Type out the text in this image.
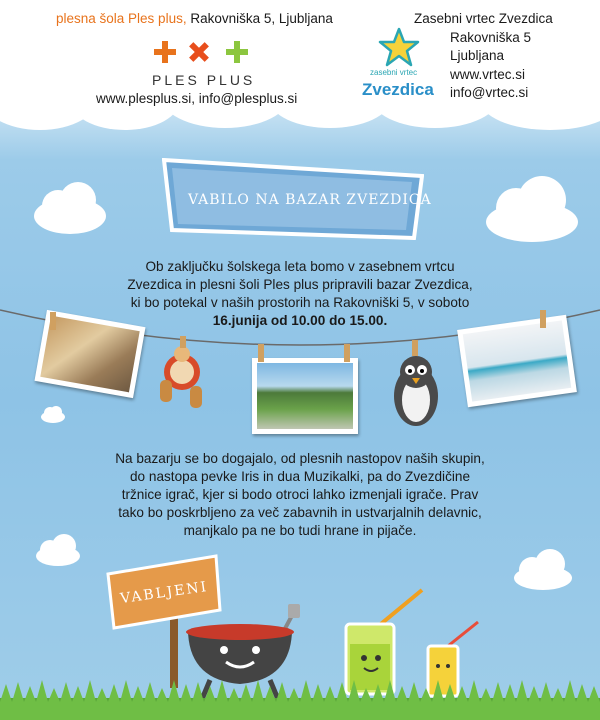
plesna šola Ples plus, Rakovniška 5, Ljubljana
PLES PLUS
www.plesplus.si, info@plesplus.si
Zasebni vrtec Zvezdica
zasebni vrtec
Zvezdica
Rakovniška 5
Ljubljana
www.vrtec.si
info@vrtec.si
VABILO NA BAZAR ZVEZDICA
Ob zaključku šolskega leta bomo v zasebnem vrtcu
Zvezdica in plesni šoli Ples plus pripravili bazar Zvezdica,
ki bo potekal v naših prostorih na Rakovniški 5, v soboto
16.junija od 10.00 do 15.00.
Na bazarju se bo dogajalo, od plesnih nastopov naših skupin,
do nastopa pevke Iris in dua Muzikalki, pa do Zvezdičine
tržnice igrač, kjer si bodo otroci lahko izmenjali igrače. Prav
tako bo poskrbljeno za več zabavnih in ustvarjalnih delavnic,
manjkalo pa ne bo tudi hrane in pijače.
VABLJENI
